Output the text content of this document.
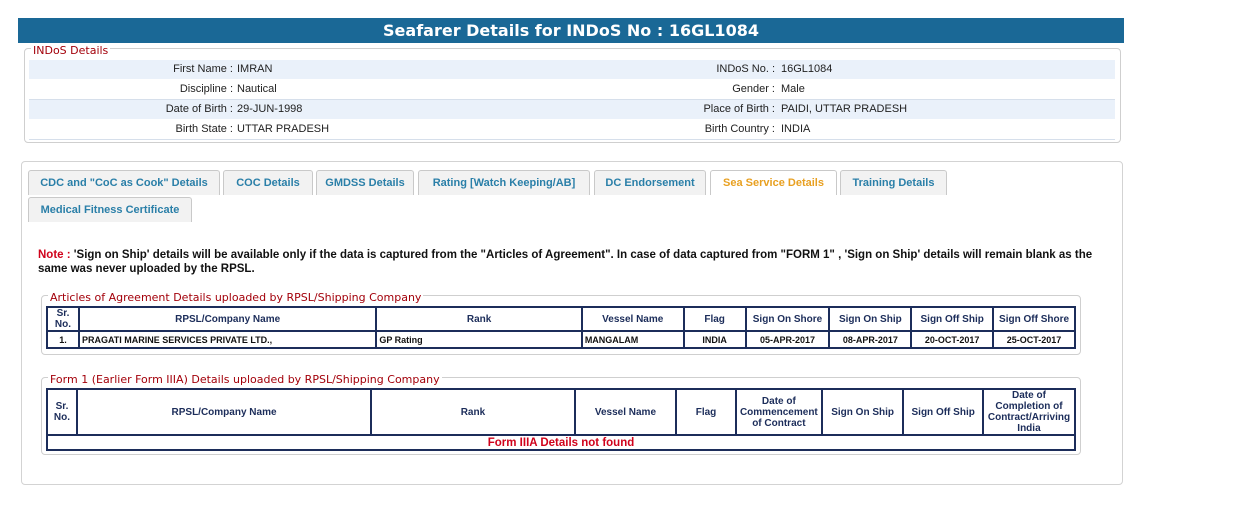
Seafarer Details for INDoS No : 16GL1084
INDoS Details
First Name : IMRAN	INDoS No. : 16GL1084
Discipline : Nautical	Gender : Male
Date of Birth : 29-JUN-1998	Place of Birth : PAIDI, UTTAR PRADESH
Birth State : UTTAR PRADESH	Birth Country : INDIA
CDC and "CoC as Cook" Details	COC Details	GMDSS Details	Rating [Watch Keeping/AB]	DC Endorsement	Sea Service Details	Training Details
Medical Fitness Certificate
Note : 'Sign on Ship' details will be available only if the data is captured from the "Articles of Agreement". In case of data captured from "FORM 1" , 'Sign on Ship' details will remain blank as the same was never uploaded by the RPSL.
Articles of Agreement Details uploaded by RPSL/Shipping Company
Sr. No.	RPSL/Company Name	Rank	Vessel Name	Flag	Sign On Shore	Sign On Ship	Sign Off Ship	Sign Off Shore
1.	PRAGATI MARINE SERVICES PRIVATE LTD.,	GP Rating	MANGALAM	INDIA	05-APR-2017	08-APR-2017	20-OCT-2017	25-OCT-2017
Form 1 (Earlier Form IIIA) Details uploaded by RPSL/Shipping Company
Sr. No.	RPSL/Company Name	Rank	Vessel Name	Flag	Date of Commencement of Contract	Sign On Ship	Sign Off Ship	Date of Completion of Contract/Arriving India
Form IIIA Details not found
